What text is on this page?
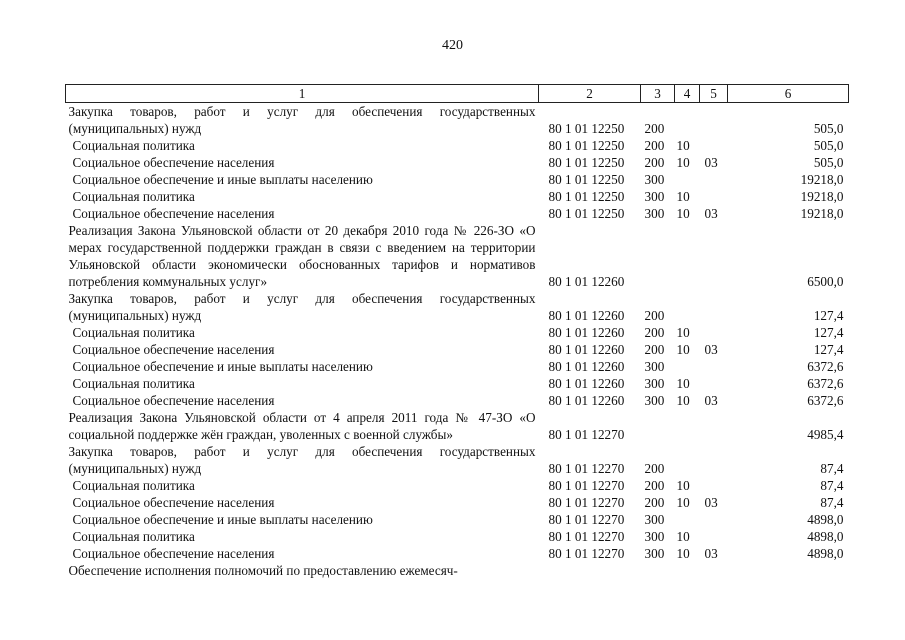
420
1	2	3	4	5	6
Закупка товаров, работ и услуг для обеспечения государственных (муниципальных) нужд	80 1 01 12250	200			505,0
Социальная политика	80 1 01 12250	200	10		505,0
Социальное обеспечение населения	80 1 01 12250	200	10	03	505,0
Социальное обеспечение и иные выплаты населению	80 1 01 12250	300			19218,0
Социальная политика	80 1 01 12250	300	10		19218,0
Социальное обеспечение населения	80 1 01 12250	300	10	03	19218,0
Реализация Закона Ульяновской области от 20 декабря 2010 года № 226-ЗО «О мерах государственной поддержки граждан в связи с введением на территории Ульяновской области экономически обоснованных тарифов и нормативов потребления коммунальных услуг»	80 1 01 12260				6500,0
Закупка товаров, работ и услуг для обеспечения государственных (муниципальных) нужд	80 1 01 12260	200			127,4
Социальная политика	80 1 01 12260	200	10		127,4
Социальное обеспечение населения	80 1 01 12260	200	10	03	127,4
Социальное обеспечение и иные выплаты населению	80 1 01 12260	300			6372,6
Социальная политика	80 1 01 12260	300	10		6372,6
Социальное обеспечение населения	80 1 01 12260	300	10	03	6372,6
Реализация Закона Ульяновской области от 4 апреля 2011 года № 47-ЗО «О социальной поддержке жён граждан, уволенных с военной службы»	80 1 01 12270				4985,4
Закупка товаров, работ и услуг для обеспечения государственных (муниципальных) нужд	80 1 01 12270	200			87,4
Социальная политика	80 1 01 12270	200	10		87,4
Социальное обеспечение населения	80 1 01 12270	200	10	03	87,4
Социальное обеспечение и иные выплаты населению	80 1 01 12270	300			4898,0
Социальная политика	80 1 01 12270	300	10		4898,0
Социальное обеспечение населения	80 1 01 12270	300	10	03	4898,0
Обеспечение исполнения полномочий по предоставлению ежемесяч-					
